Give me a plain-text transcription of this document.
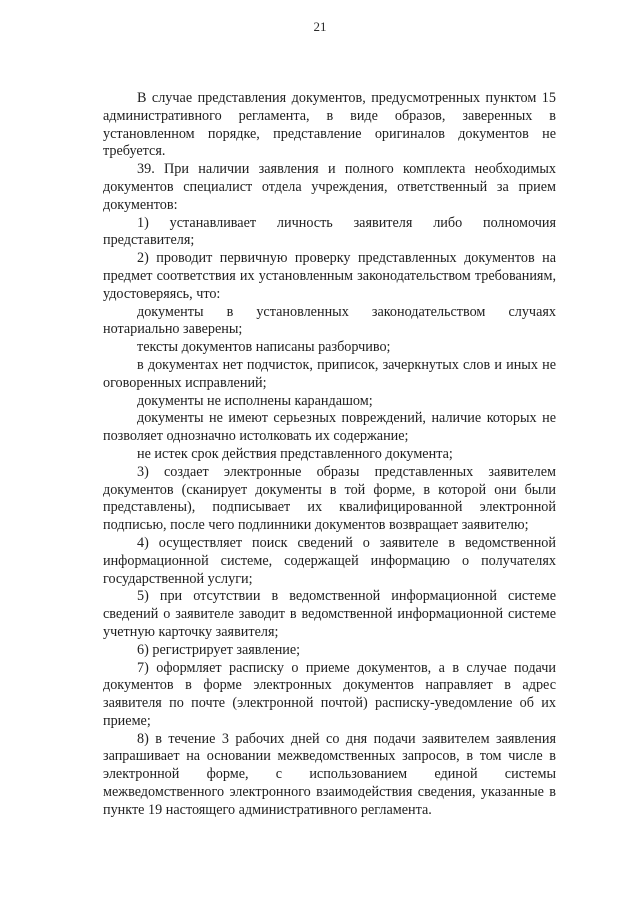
21

В случае представления документов, предусмотренных пунктом 15 административного регламента, в виде образов, заверенных в установленном порядке, представление оригиналов документов не требуется.

39. При наличии заявления и полного комплекта необходимых документов специалист отдела учреждения, ответственный за прием документов:

1) устанавливает личность заявителя либо полномочия представителя;

2) проводит первичную проверку представленных документов на предмет соответствия их установленным законодательством требованиям, удостоверяясь, что:

документы в установленных законодательством случаях нотариально заверены;

тексты документов написаны разборчиво;

в документах нет подчисток, приписок, зачеркнутых слов и иных не оговоренных исправлений;

документы не исполнены карандашом;

документы не имеют серьезных повреждений, наличие которых не позволяет однозначно истолковать их содержание;

не истек срок действия представленного документа;

3) создает электронные образы представленных заявителем документов (сканирует документы в той форме, в которой они были представлены), подписывает их квалифицированной электронной подписью, после чего подлинники документов возвращает заявителю;

4) осуществляет поиск сведений о заявителе в ведомственной информационной системе, содержащей информацию о получателях государственной услуги;

5) при отсутствии в ведомственной информационной системе сведений о заявителе заводит в ведомственной информационной системе учетную карточку заявителя;

6) регистрирует заявление;

7) оформляет расписку о приеме документов, а в случае подачи документов в форме электронных документов направляет в адрес заявителя по почте (электронной почтой) расписку-уведомление об их приеме;

8) в течение 3 рабочих дней со дня подачи заявителем заявления запрашивает на основании межведомственных запросов, в том числе в электронной форме, с использованием единой системы межведомственного электронного взаимодействия сведения, указанные в пункте 19 настоящего административного регламента.
